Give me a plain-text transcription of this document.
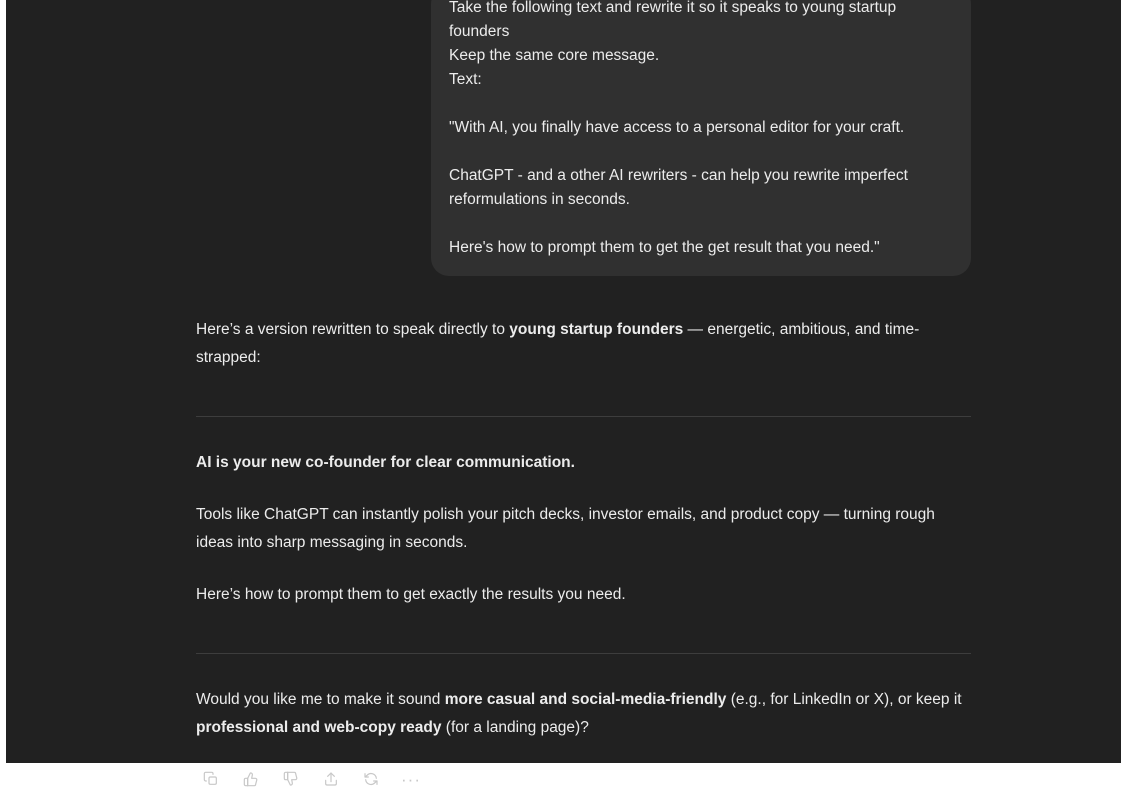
Take the following text and rewrite it so it speaks to young startup founders

Keep the same core message.

Text:

"With AI, you finally have access to a personal editor for your craft.

ChatGPT - and a other AI rewriters - can help you rewrite imperfect reformulations in seconds.

Here's how to prompt them to get the get result that you need."

Here’s a version rewritten to speak directly to young startup founders — energetic, ambitious, and time-strapped:

AI is your new co-founder for clear communication.

Tools like ChatGPT can instantly polish your pitch decks, investor emails, and product copy — turning rough ideas into sharp messaging in seconds.

Here’s how to prompt them to get exactly the results you need.

Would you like me to make it sound more casual and social-media-friendly (e.g., for LinkedIn or X), or keep it professional and web-copy ready (for a landing page)?

···
